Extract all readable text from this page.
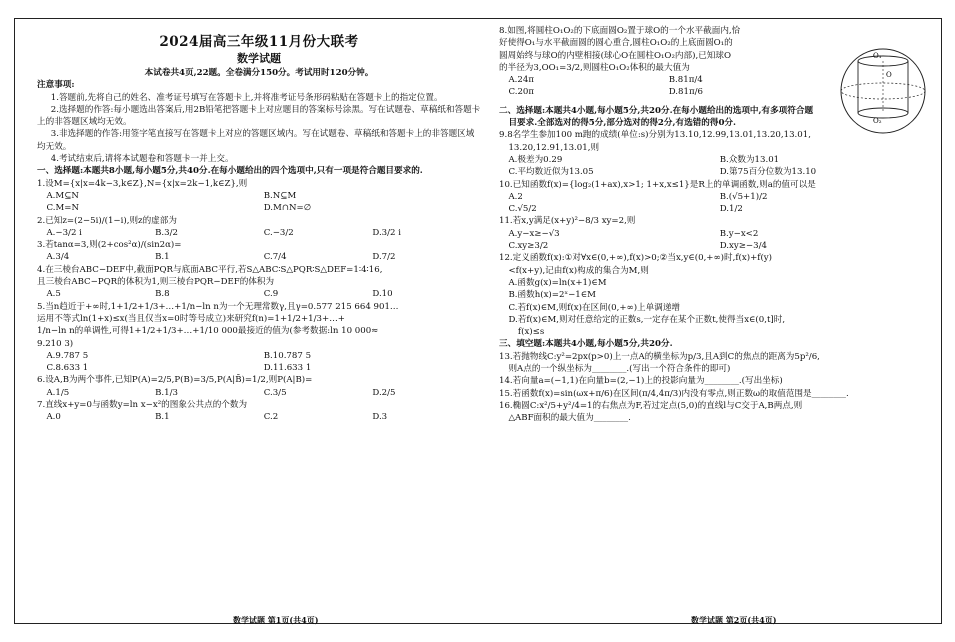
2024届高三年级11月份大联考
数学试题
本试卷共4页,22题。全卷满分150分。考试用时120分钟。
注意事项:

1.答题前,先将自己的姓名、准考证号填写在答题卡上,并将准考证号条形码粘贴在答题卡上的指定位置。

2.选择题的作答:每小题选出答案后,用2B铅笔把答题卡上对应题目的答案标号涂黑。写在试题卷、草稿纸和答题卡上的非答题区域均无效。

3.非选择题的作答:用签字笔直接写在答题卡上对应的答题区域内。写在试题卷、草稿纸和答题卡上的非答题区域均无效。

4.考试结束后,请将本试题卷和答题卡一并上交。

一、选择题:本题共8小题,每小题5分,共40分.在每小题给出的四个选项中,只有一项是符合题目要求的.

1.设M={x|x=4k−3,k∈Z},N={x|x=2k−1,k∈Z},则

A.M⊆N	B.N⊆M
C.M=N	D.M∩N=∅

2.已知z=(2−5i)/(1−i),则z的虚部为

A.−3/2 i	B.3/2	C.−3/2	D.3/2 i

3.若tanα=3,则(2+cos²α)/(sin2α)=

A.3/4	B.1	C.7/4	D.7/2

4.在三棱台ABC−DEF中,截面PQR与底面ABC平行,若S△ABC∶S△PQR∶S△DEF=1∶4∶16,

且三棱台ABC−PQR的体积为1,则三棱台PQR−DEF的体积为

A.5	B.8	C.9	D.10

5.当n趋近于+∞时,1+1/2+1/3+…+1/n−ln n为一个无理常数γ,且γ=0.577 215 664 901…

运用不等式ln(1+x)≤x(当且仅当x=0时等号成立)来研究f(n)=1+1/2+1/3+…+

1/n−ln n的单调性,可得1+1/2+1/3+…+1/10 000最接近的值为(参考数据:ln 10 000≈

9.210 3)

A.9.787 5	B.10.787 5
C.8.633 1	D.11.633 1

6.设A,B为两个事件,已知P(A)=2/5,P(B)=3/5,P(A|B̄)=1/2,则P(A|B)=

A.1/5	B.1/3	C.3/5	D.2/5

7.直线x+y=0与函数y=ln x−x²的图象公共点的个数为

A.0	B.1	C.2	D.3

8.如图,将圆柱O₁O₂的下底面圆O₂置于球O的一个水平截面内,恰

好使得O₁与水平截面圆的圆心重合,圆柱O₁O₂的上底面圆O₁的

圆周始终与球O的内壁相接(球心O在圆柱O₁O₂内部),已知球O

的半径为3,OO₁=3/2,则圆柱O₁O₂体积的最大值为

A.24π	B.81π/4
C.20π	D.81π/6

二、选择题:本题共4小题,每小题5分,共20分.在每小题给出的选项中,有多项符合题

目要求.全部选对的得5分,部分选对的得2分,有选错的得0分.

9.8名学生参加100 m跑的成绩(单位:s)分别为13.10,12.99,13.01,13.20,13.01,

13.20,12.91,13.01,则

A.极差为0.29	B.众数为13.01
C.平均数近似为13.05	D.第75百分位数为13.10

10.已知函数f(x)={log₂(1+ax),x>1; 1+x,x≤1}是R上的单调函数,则a的值可以是

A.2	B.(√5+1)/2
C.√5/2	D.1/2

11.若x,y满足(x+y)²−8/3 xy=2,则

A.y−x≥−√3	B.y−x<2
C.xy≥3/2	D.xy≥−3/4

12.定义函数f(x):①对∀x∈(0,+∞),f(x)>0;②当x,y∈(0,+∞)时,f(x)+f(y)

<f(x+y),记由f(x)构成的集合为M,则

A.函数g(x)=ln(x+1)∈M

B.函数h(x)=2ˣ−1∈M

C.若f(x)∈M,则f(x)在区间(0,+∞)上单调递增

D.若f(x)∈M,则对任意给定的正数s,一定存在某个正数t,使得当x∈(0,t]时,

f(x)≤s

三、填空题:本题共4小题,每小题5分,共20分.

13.若抛物线C:y²=2px(p>0)上一点A的横坐标为p/3,且A到C的焦点的距离为5p²/6,

则A点的一个纵坐标为________.(写出一个符合条件的即可)

14.若向量a=(−1,1)在向量b=(2,−1)上的投影向量为________.(写出坐标)

15.若函数f(x)=sin(ωx+π/6)在区间(π/4,4π/3)内没有零点,则正数ω的取值范围是________.

16.椭圆C:x²/5+y²/4=1的右焦点为F,若过定点(5,0)的直线l与C交于A,B两点,则

△ABF面积的最大值为________.

O₁
O
O₂
数学试题 第1页(共4页)	数学试题 第2页(共4页)
